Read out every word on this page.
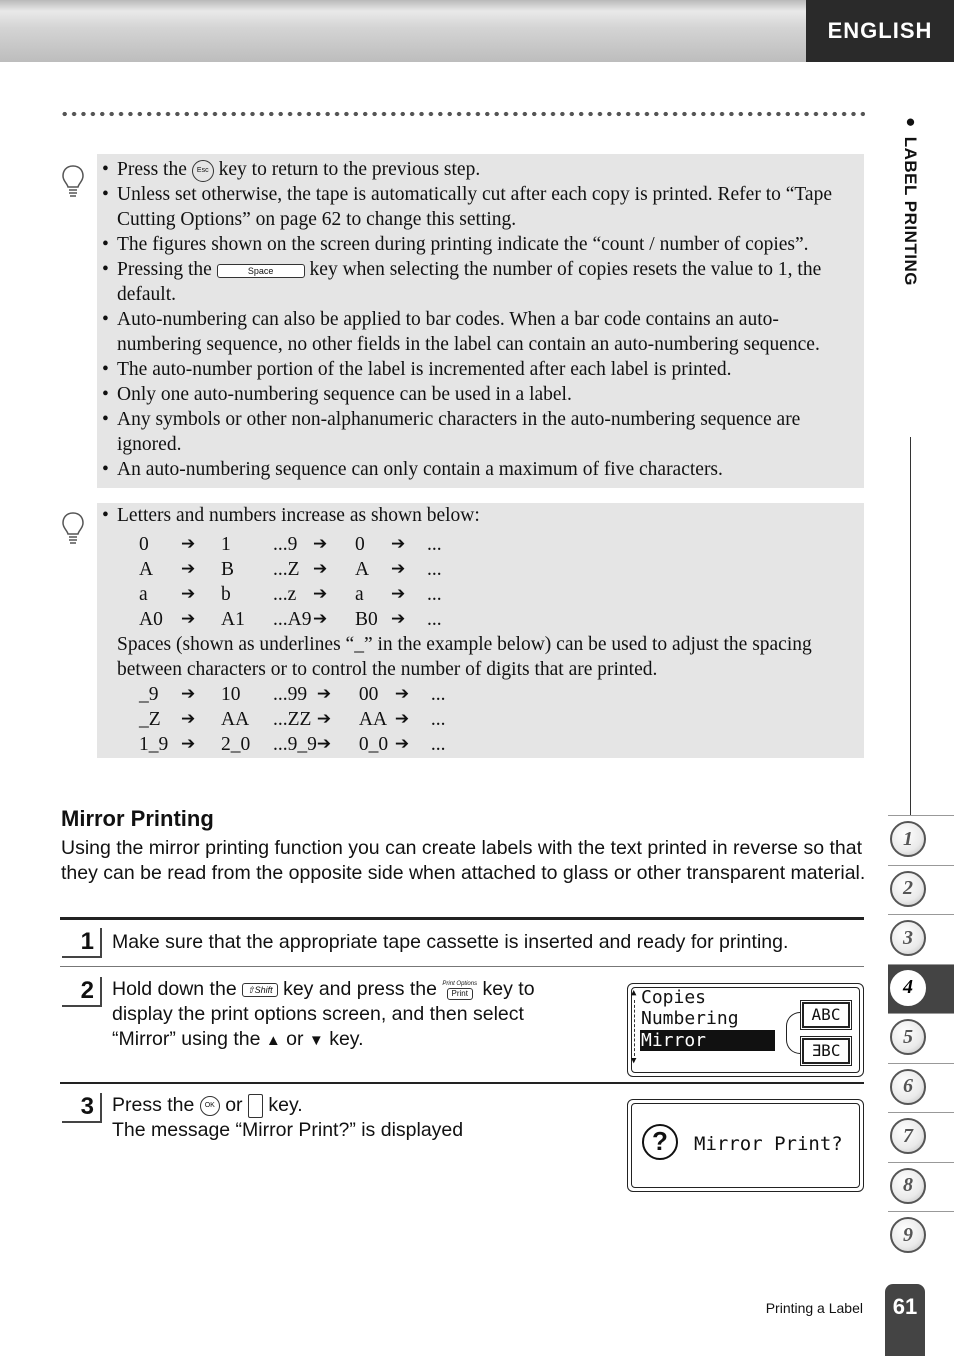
ENGLISH
● LABEL PRINTING
1
2
3
4
5
6
7
8
9
• Press the Esc key to return to the previous step.
• Unless set otherwise, the tape is automatically cut after each copy is printed. Refer to “Tape Cutting Options” on page 62 to change this setting.
• The figures shown on the screen during printing indicate the “count / number of copies”.
• Pressing the	Space key when selecting the number of copies resets the value to 1, the default.
• Auto-numbering can also be applied to bar codes. When a bar code contains an auto-numbering sequence, no other fields in the label can contain an auto-numbering sequence.
• The auto-number portion of the label is incremented after each label is printed.
• Only one auto-numbering sequence can be used in a label.
• Any symbols or other non-alphanumeric characters in the auto-numbering sequence are ignored.
• An auto-numbering sequence can only contain a maximum of five characters.
• Letters and numbers increase as shown below:
0	➔	1	...9	➔	0	➔	...
A	➔	B	...Z	➔	A	➔	...
a	➔	b	...z	➔	a	➔	...
A0	➔	A1	...A9	➔	B0	➔	...
Spaces (shown as underlines “_” in the example below) can be used to adjust the spacing between characters or to control the number of digits that are printed.
_9	➔	10	...99	➔	00	➔	...
_Z	➔	AA	...ZZ	➔	AA	➔	...
1_9	➔	2_0	...9_9	➔	0_0	➔	...
Mirror Printing
Using the mirror printing function you can create labels with the text printed in reverse so that they can be read from the opposite side when attached to glass or other transparent material.
1 Make sure that the appropriate tape cassette is inserted and ready for printing.
2 Hold down the ⇧Shift key and press the Print Options
Print key to
display the print options screen, and then select
“Mirror” using the ▲ or ▼ key.
▲
▼
Copies
Numbering
Mirror
ABC
ƎBC
3 Press the OK or  key.
The message “Mirror Print?” is displayed	?	Mirror Print?
Printing a Label	61
